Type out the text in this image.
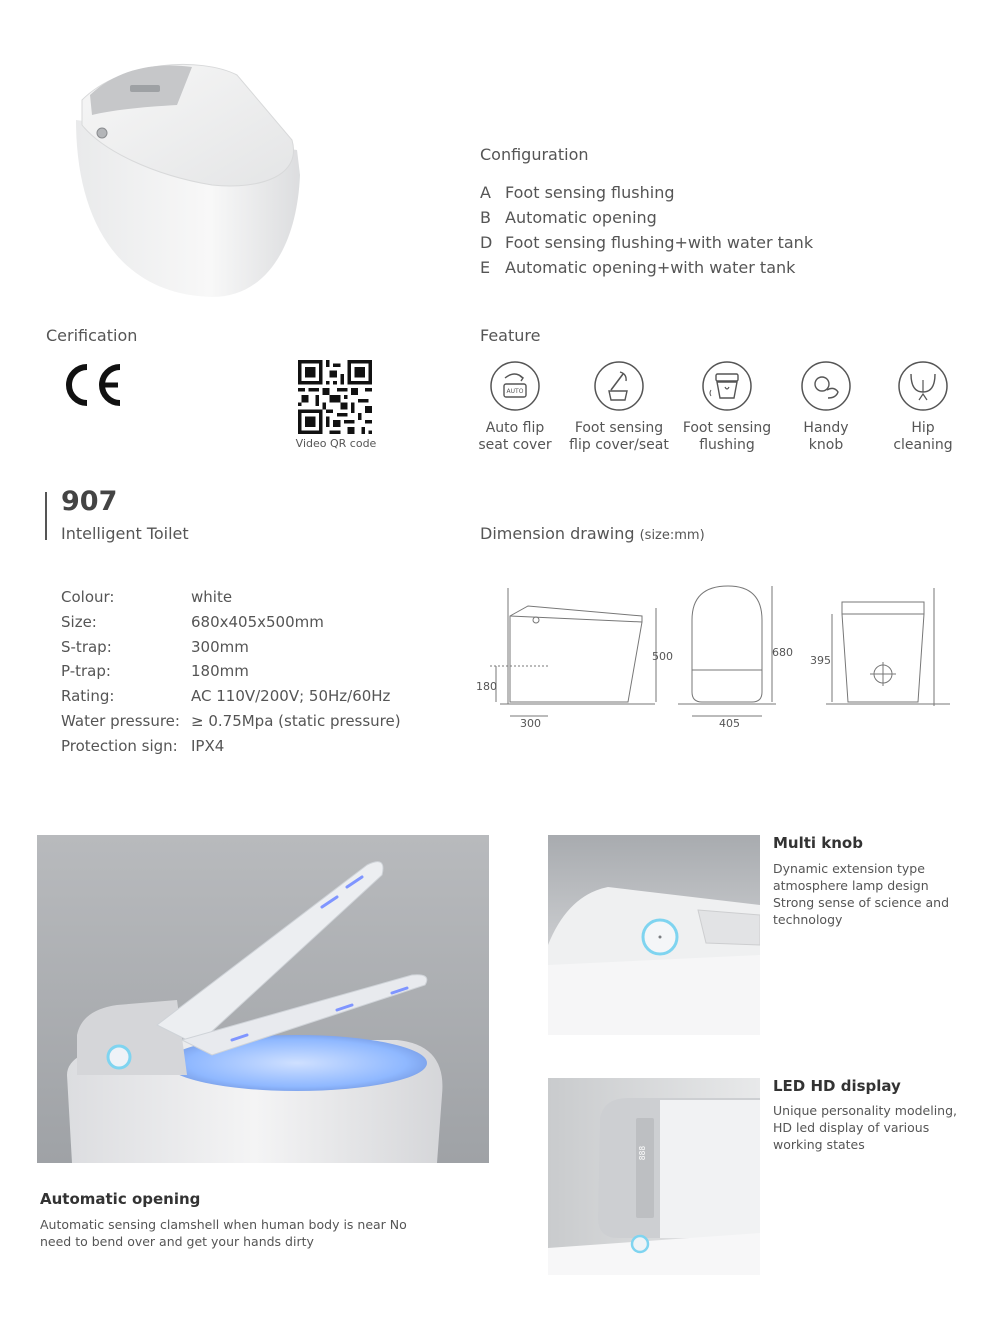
Configuration
A Foot sensing flushing
B Automatic opening
D Foot sensing flushing+with water tank
E Automatic opening+with water tank
Cerification
Video QR code
Feature
AUTO
Auto flip
seat cover
Foot sensing
flip cover/seat
Foot sensing
flushing
Handy
knob
Hip
cleaning
907
Intelligent Toilet	Dimension drawing (size:mm)
500
180
300
680
405
395
Colour:	white
Size:	680x405x500mm
S-trap:	300mm
P-trap:	180mm
Rating:	AC 110V/200V; 50Hz/60Hz
Water pressure: ≥ 0.75Mpa (static pressure)
Protection sign: IPX4
Automatic opening
Automatic sensing clamshell when human body is near No need to bend over and get your hands dirty
Multi knob
Dynamic extension type atmosphere lamp design Strong sense of science and technology
888
LED HD display
Unique personality modeling, HD led display of various working states
